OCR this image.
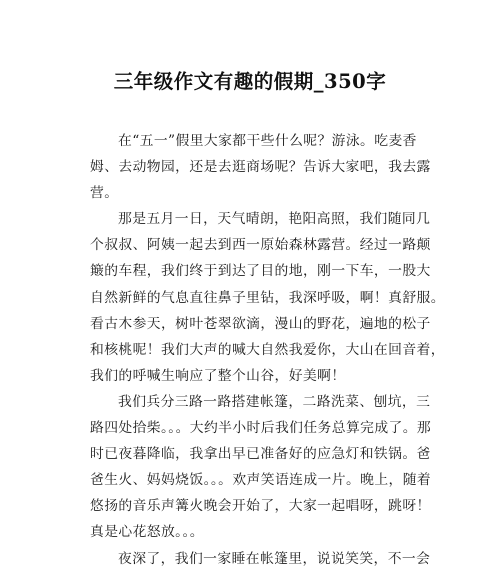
三年级作文有趣的假期_350字
在“五一”假里大家都干些什么呢？游泳。吃麦香
姆、去动物园，还是去逛商场呢？告诉大家吧，我去露
营。
那是五月一日，天气晴朗，艳阳高照，我们随同几
个叔叔、阿姨一起去到西一原始森林露营。经过一路颠
簸的车程，我们终于到达了目的地，刚一下车，一股大
自然新鲜的气息直往鼻子里钻，我深呼吸，啊！真舒服。
看古木参天，树叶苍翠欲滴，漫山的野花，遍地的松子
和核桃呢！我们大声的喊大自然我爱你，大山在回音着，
我们的呼喊生响应了整个山谷，好美啊！
我们兵分三路一路搭建帐篷，二路洗菜、刨坑，三
路四处拾柴。。。大约半小时后我们任务总算完成了。那
时已夜暮降临，我拿出早已准备好的应急灯和铁锅。爸
爸生火、妈妈烧饭。。。欢声笑语连成一片。晚上，随着
悠扬的音乐声篝火晚会开始了，大家一起唱呀，跳呀！
真是心花怒放。。。
夜深了，我们一家睡在帐篷里，说说笑笑，不一会
